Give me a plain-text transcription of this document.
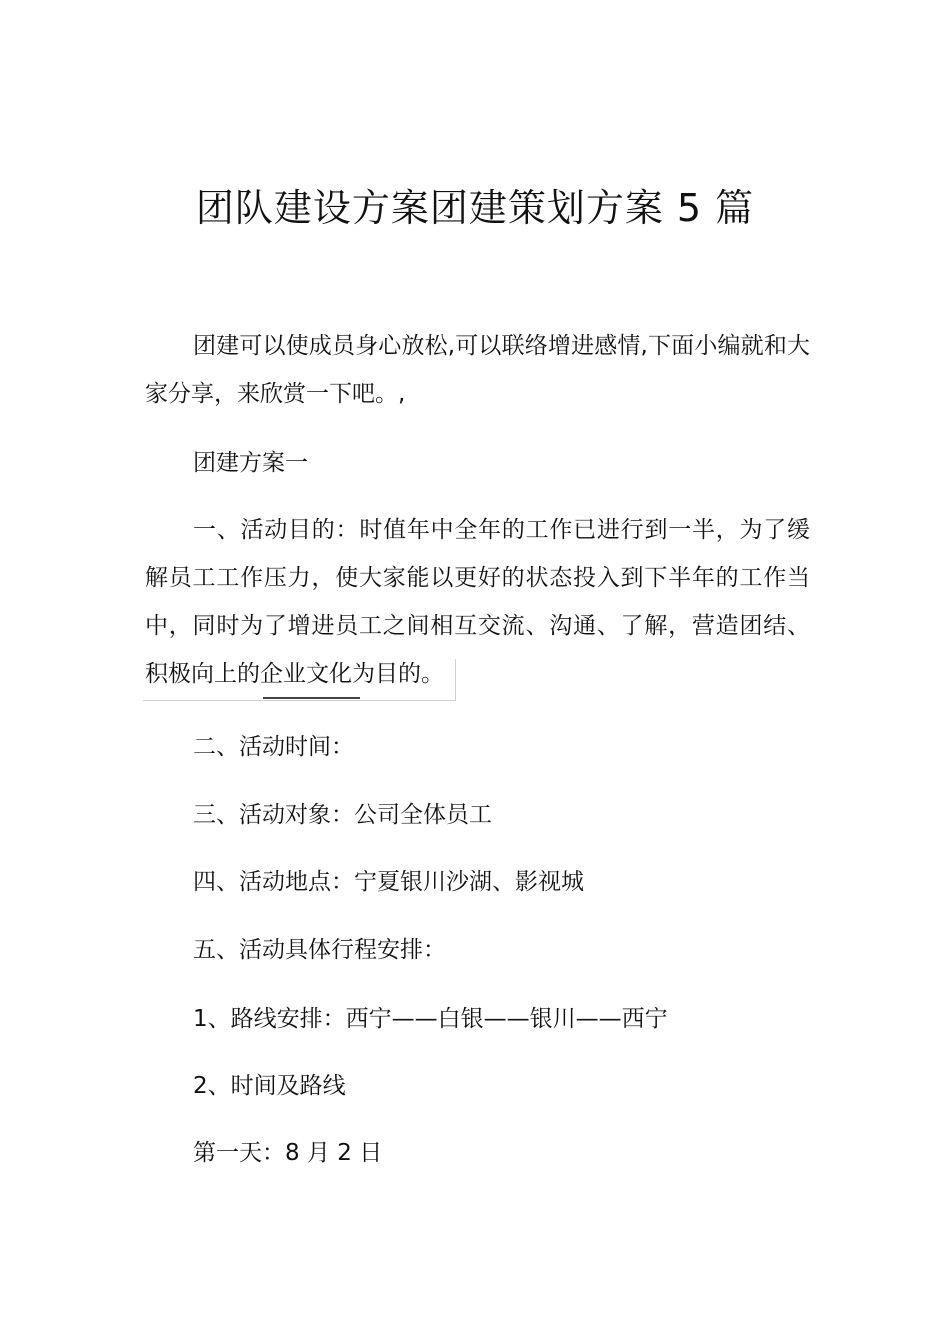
团队建设方案团建策划方案 5 篇

团建可以使成员身心放松,可以联络增进感情,下面小编就和大家分享，来欣赏一下吧。,

团建方案一

一、活动目的：时值年中全年的工作已进行到一半，为了缓解员工工作压力，使大家能以更好的状态投入到下半年的工作当中，同时为了增进员工之间相互交流、沟通、了解，营造团结、积极向上的企业文化为目的。

二、活动时间：

三、活动对象：公司全体员工

四、活动地点：宁夏银川沙湖、影视城

五、活动具体行程安排：

1、路线安排：西宁——白银——银川——西宁

2、时间及路线

第一天：8 月 2 日
